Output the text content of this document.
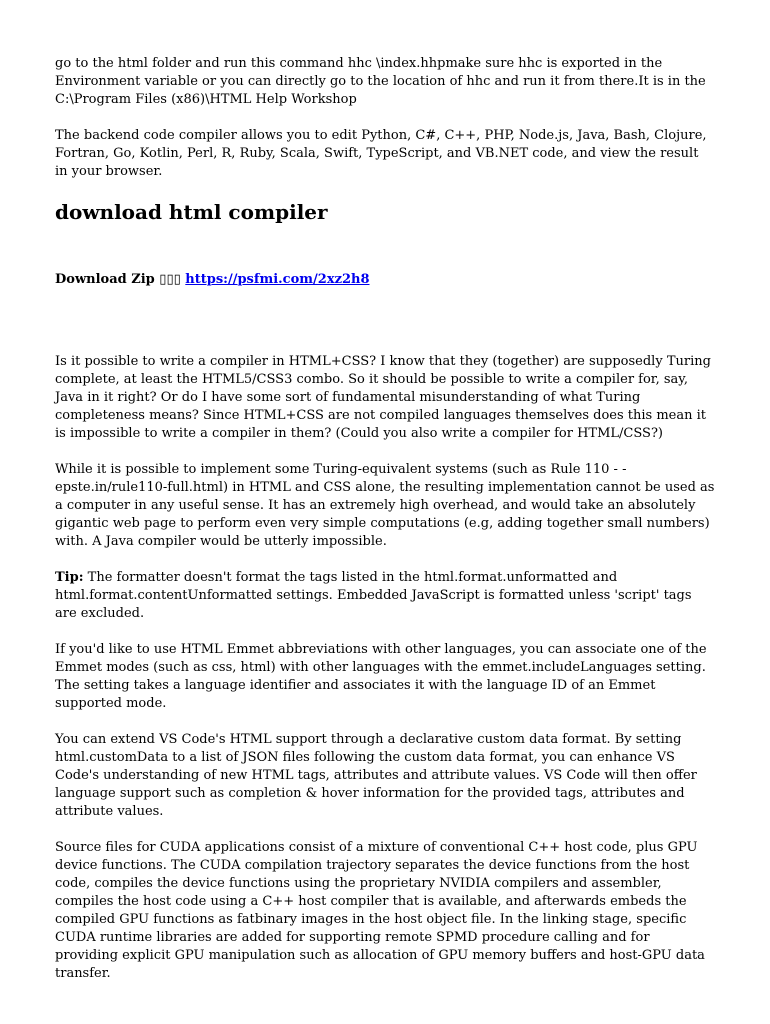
go to the html folder and run this command hhc \index.hhpmake sure hhc is exported in the Environment variable or you can directly go to the location of hhc and run it from there.It is in the C:\Program Files (x86)\HTML Help Workshop

The backend code compiler allows you to edit Python, C#, C++, PHP, Node.js, Java, Bash, Clojure, Fortran, Go, Kotlin, Perl, R, Ruby, Scala, Swift, TypeScript, and VB.NET code, and view the result in your browser.

download html compiler
Download Zip ▯▯▯ https://psfmi.com/2xz2h8

Is it possible to write a compiler in HTML+CSS? I know that they (together) are supposedly Turing complete, at least the HTML5/CSS3 combo. So it should be possible to write a compiler for, say, Java in it right? Or do I have some sort of fundamental misunderstanding of what Turing completeness means? Since HTML+CSS are not compiled languages themselves does this mean it is impossible to write a compiler in them? (Could you also write a compiler for HTML/CSS?)

While it is possible to implement some Turing-equivalent systems (such as Rule 110 - - epste.in/rule110-full.html) in HTML and CSS alone, the resulting implementation cannot be used as a computer in any useful sense. It has an extremely high overhead, and would take an absolutely gigantic web page to perform even very simple computations (e.g, adding together small numbers) with. A Java compiler would be utterly impossible.

Tip: The formatter doesn't format the tags listed in the html.format.unformatted and html.format.contentUnformatted settings. Embedded JavaScript is formatted unless 'script' tags are excluded.

If you'd like to use HTML Emmet abbreviations with other languages, you can associate one of the Emmet modes (such as css, html) with other languages with the emmet.includeLanguages setting. The setting takes a language identifier and associates it with the language ID of an Emmet supported mode.

You can extend VS Code's HTML support through a declarative custom data format. By setting html.customData to a list of JSON files following the custom data format, you can enhance VS Code's understanding of new HTML tags, attributes and attribute values. VS Code will then offer language support such as completion & hover information for the provided tags, attributes and attribute values.

Source files for CUDA applications consist of a mixture of conventional C++ host code, plus GPU device functions. The CUDA compilation trajectory separates the device functions from the host code, compiles the device functions using the proprietary NVIDIA compilers and assembler, compiles the host code using a C++ host compiler that is available, and afterwards embeds the compiled GPU functions as fatbinary images in the host object file. In the linking stage, specific CUDA runtime libraries are added for supporting remote SPMD procedure calling and for providing explicit GPU manipulation such as allocation of GPU memory buffers and host-GPU data transfer.
